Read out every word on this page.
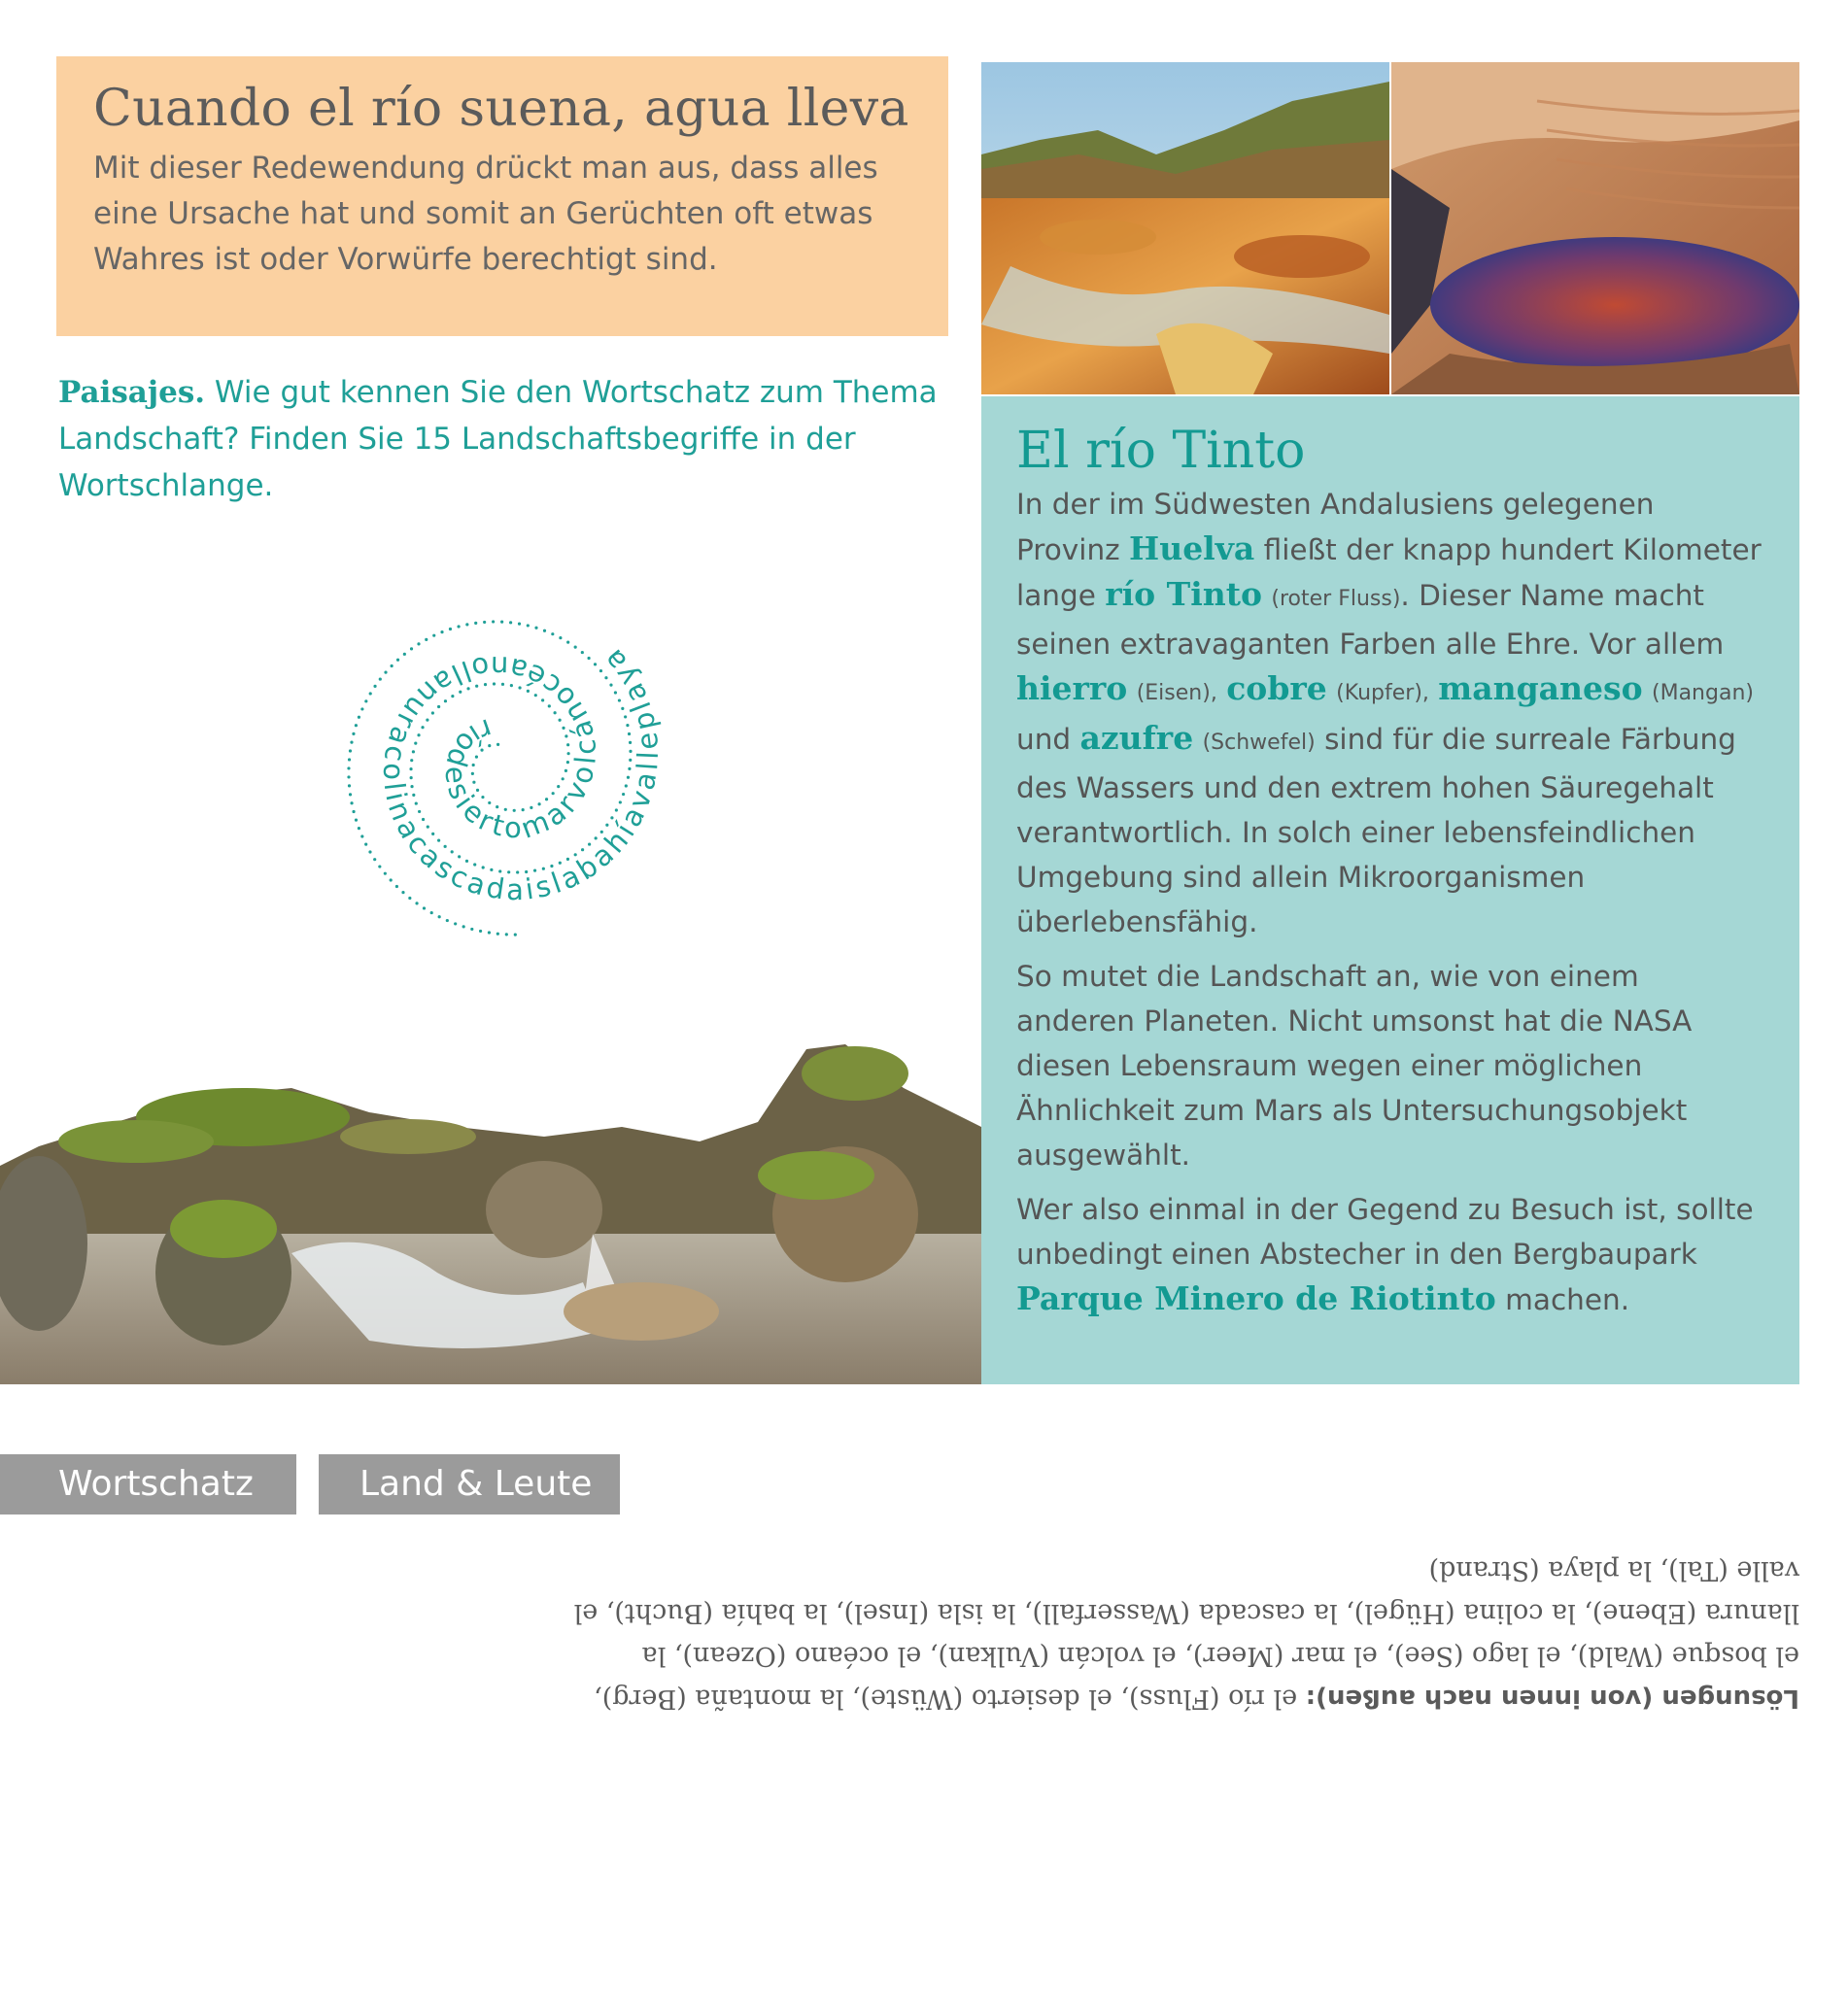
Cuando el río suena, agua lleva

Mit dieser Redewendung drückt man aus, dass alles eine Ursache hat und somit an Gerüchten oft etwas Wahres ist oder Vorwürfe berechtigt sind.

Paisajes. Wie gut kennen Sie den Wortschatz zum Thema Landschaft? Finden Sie 15 Landschaftsbegriffe in der Wortschlange.
ríodesiertomarvolcánocéanollanuracolinacascadaislabahíavalleplaya
El río Tinto

In der im Südwesten Andalusiens gelegenen Provinz Huelva fließt der knapp hundert Kilometer lange río Tinto (roter Fluss). Dieser Name macht seinen extravaganten Farben alle Ehre. Vor allem hierro (Eisen), cobre (Kupfer), manganeso (Mangan) und azufre (Schwefel) sind für die surreale Färbung des Wassers und den extrem hohen Säuregehalt verantwortlich. In solch einer lebensfeindlichen Umgebung sind allein Mikroorganismen überlebensfähig.

So mutet die Landschaft an, wie von einem anderen Planeten. Nicht umsonst hat die NASA diesen Lebensraum wegen einer möglichen Ähnlichkeit zum Mars als Untersuchungsobjekt ausgewählt.

Wer also einmal in der Gegend zu Besuch ist, sollte unbedingt einen Abstecher in den Bergbaupark Parque Minero de Riotinto machen.

Wortschatz	Land & Leute
Lösungen (von innen nach außen): el río (Fluss), el desierto (Wüste), la montaña (Berg), el bosque (Wald), el lago (See), el mar (Meer), el volcán (Vulkan), el océano (Ozean), la llanura (Ebene), la colina (Hügel), la cascada (Wasserfall), la isla (Insel), la bahía (Bucht), el valle (Tal), la playa (Strand)
